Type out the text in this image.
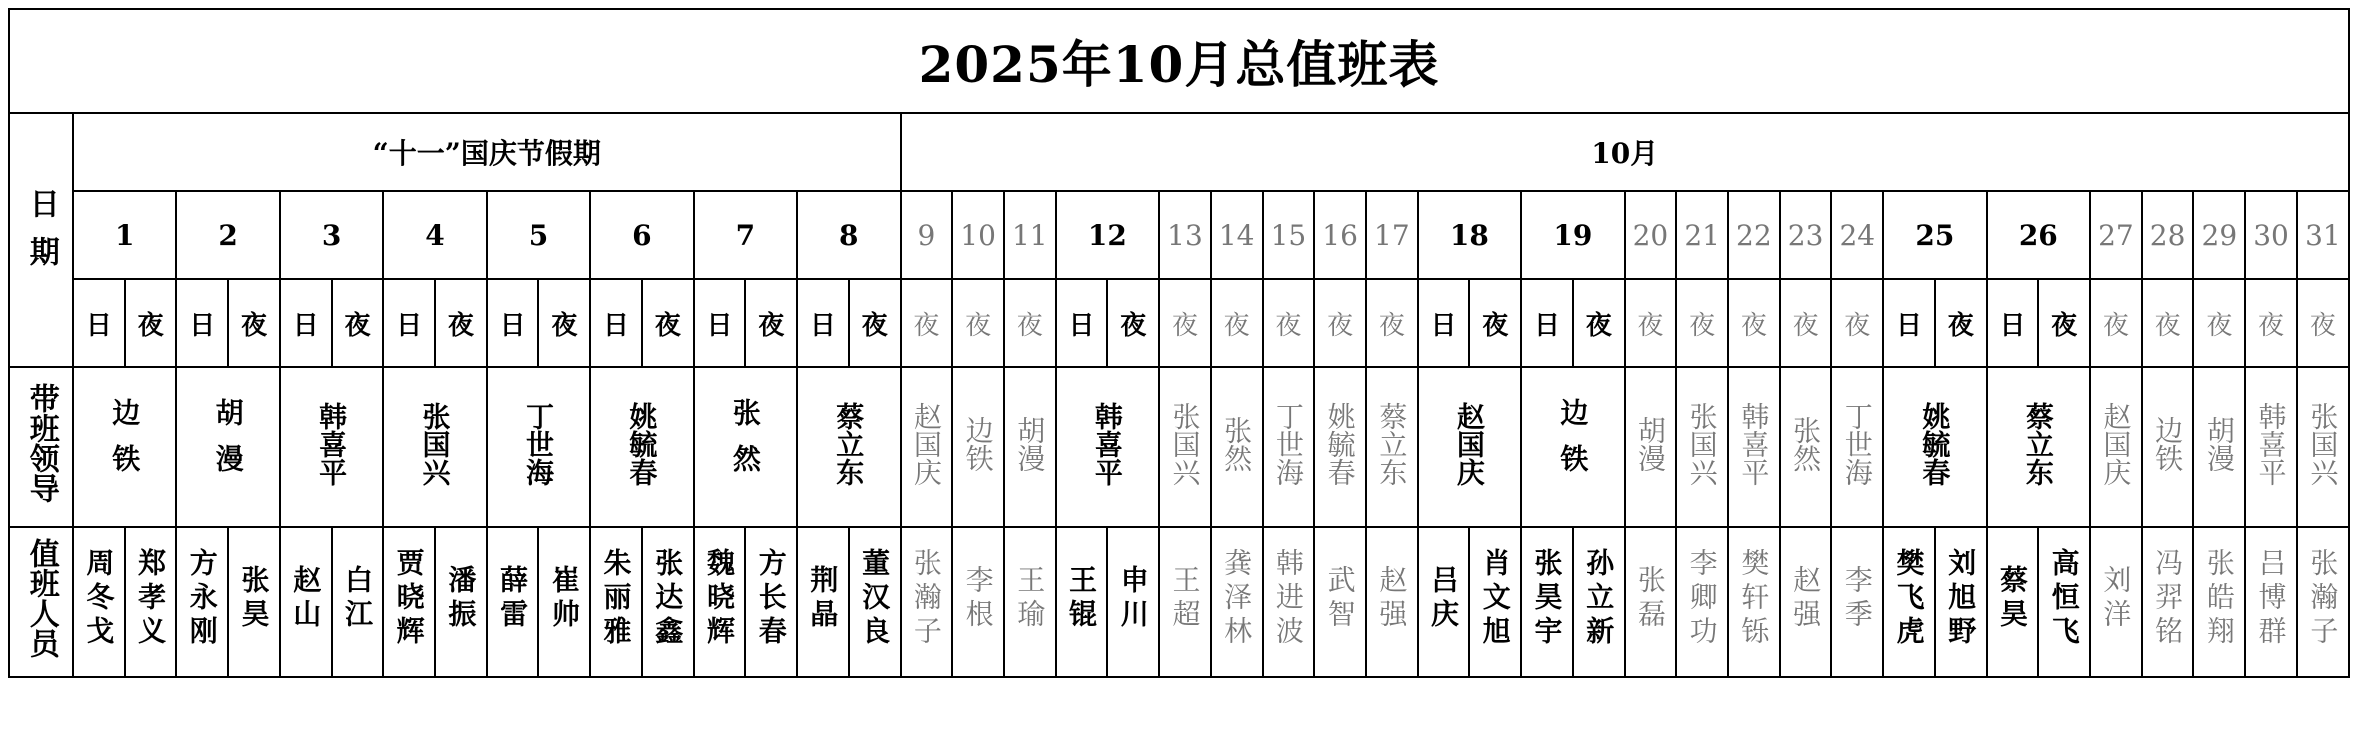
2025年10月总值班表																																												
日期	“十一”国庆节假期																10月																											
	1		2		3		4		5		6		7		8		9	10	11	12		13	14	15	16	17	18		19		20	21	22	23	24	25		26		27	28	29	30	31
	日	夜	日	夜	日	夜	日	夜	日	夜	日	夜	日	夜	日	夜	夜	夜	夜	日	夜	夜	夜	夜	夜	夜	日	夜	日	夜	夜	夜	夜	夜	夜	日	夜	日	夜	夜	夜	夜	夜	夜
带班领导	边铁		胡漫		韩喜平		张国兴		丁世海		姚毓春		张然		蔡立东		赵国庆	边铁	胡漫	韩喜平		张国兴	张然	丁世海	姚毓春	蔡立东	赵国庆		边铁		胡漫	张国兴	韩喜平	张然	丁世海	姚毓春		蔡立东		赵国庆	边铁	胡漫	韩喜平	张国兴
值班人员	周冬戈	郑孝义	方永刚	张昊	赵山	白江	贾晓辉	潘振	薛雷	崔帅	朱丽雅	张达鑫	魏晓辉	方长春	荆晶	董汉良	张瀚子	李根	王瑜	王锟	申川	王超	龚泽林	韩进波	武智	赵强	吕庆	肖文旭	张昊宇	孙立新	张磊	李卿功	樊轩铄	赵强	李季	樊飞虎	刘旭野	蔡昊	高恒飞	刘洋	冯羿铭	张皓翔	吕博群	张瀚子
